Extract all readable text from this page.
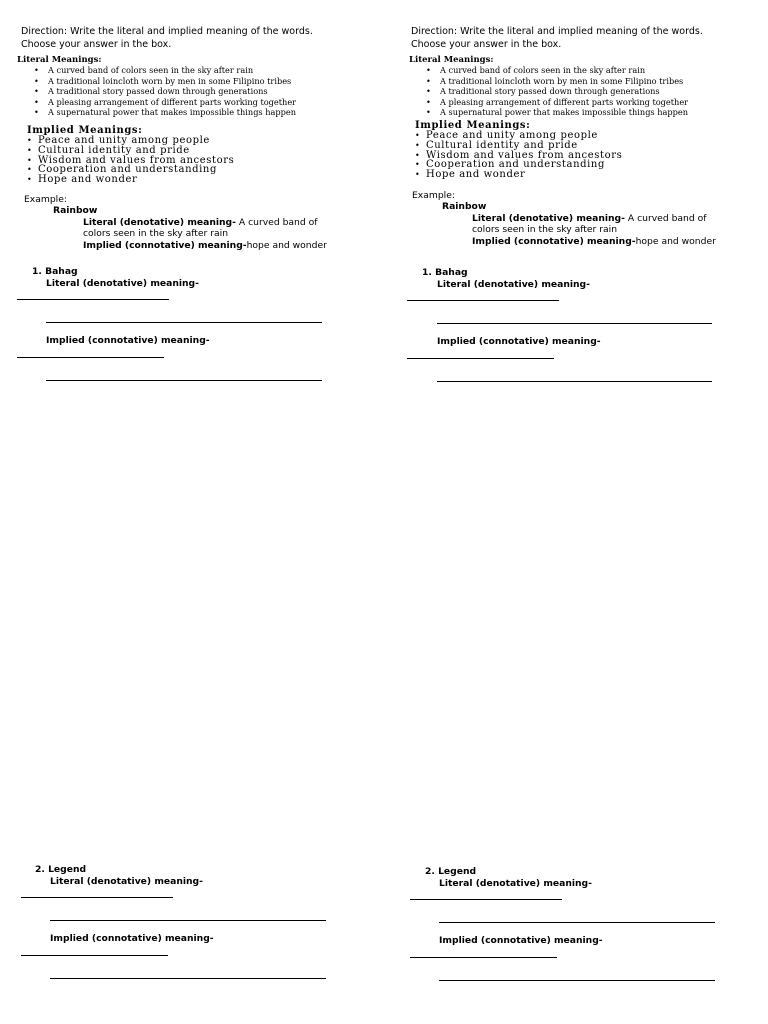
Direction: Write the literal and implied meaning of the words.
Choose your answer in the box.
Literal Meanings:
• A curved band of colors seen in the sky after rain
• A traditional loincloth worn by men in some Filipino tribes
• A traditional story passed down through generations
• A pleasing arrangement of different parts working together
• A supernatural power that makes impossible things happen
Implied Meanings:
• Peace and unity among people
• Cultural identity and pride
• Wisdom and values from ancestors
• Cooperation and understanding
• Hope and wonder
Example:
Rainbow
Literal (denotative) meaning- A curved band of
colors seen in the sky after rain
Implied (connotative) meaning-hope and wonder
1. Bahag
Literal (denotative) meaning-
Implied (connotative) meaning-
2. Legend
Literal (denotative) meaning-
Implied (connotative) meaning-
Direction: Write the literal and implied meaning of the words.
Choose your answer in the box.
Literal Meanings:
• A curved band of colors seen in the sky after rain
• A traditional loincloth worn by men in some Filipino tribes
• A traditional story passed down through generations
• A pleasing arrangement of different parts working together
• A supernatural power that makes impossible things happen
Implied Meanings:
• Peace and unity among people
• Cultural identity and pride
• Wisdom and values from ancestors
• Cooperation and understanding
• Hope and wonder
Example:
Rainbow
Literal (denotative) meaning- A curved band of
colors seen in the sky after rain
Implied (connotative) meaning-hope and wonder
1. Bahag
Literal (denotative) meaning-
Implied (connotative) meaning-
2. Legend
Literal (denotative) meaning-
Implied (connotative) meaning-
